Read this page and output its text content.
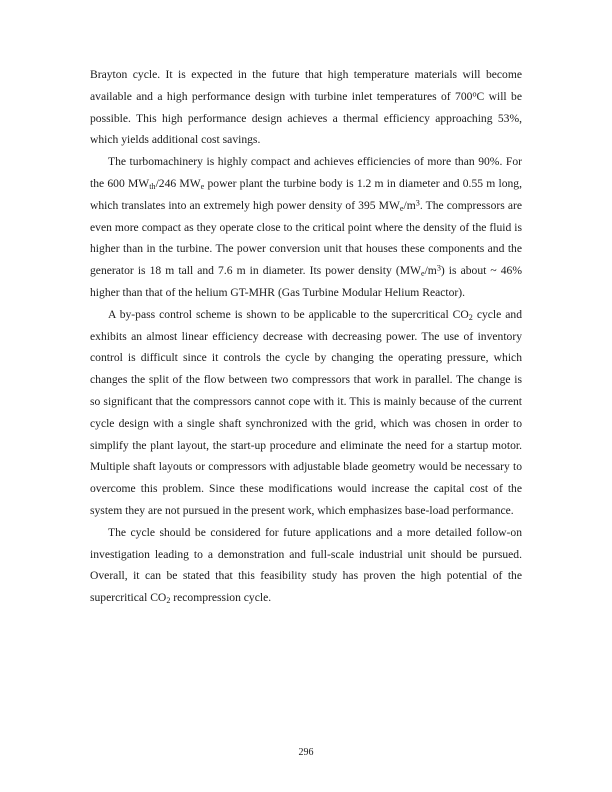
Brayton cycle. It is expected in the future that high temperature materials will become available and a high performance design with turbine inlet temperatures of 700$^o$C will be possible. This high performance design achieves a thermal efficiency approaching 53%, which yields additional cost savings.

The turbomachinery is highly compact and achieves efficiencies of more than 90%. For the 600 $MW_{th}/246$ $MW_e$ power plant the turbine body is 1.2 m in diameter and 0.55 m long, which translates into an extremely high power density of 395 $MW_e/m^3$. The compressors are even more compact as they operate close to the critical point where the density of the fluid is higher than in the turbine. The power conversion unit that houses these components and the generator is 18 m tall and 7.6 m in diameter. Its power density $(MW_e/m^3)$ is about ~ 46% higher than that of the helium GT-MHR (Gas Turbine Modular Helium Reactor).

A by-pass control scheme is shown to be applicable to the supercritical $CO_2$ cycle and exhibits an almost linear efficiency decrease with decreasing power. The use of inventory control is difficult since it controls the cycle by changing the operating pressure, which changes the split of the flow between two compressors that work in parallel. The change is so significant that the compressors cannot cope with it. This is mainly because of the current cycle design with a single shaft synchronized with the grid, which was chosen in order to simplify the plant layout, the start-up procedure and eliminate the need for a startup motor. Multiple shaft layouts or compressors with adjustable blade geometry would be necessary to overcome this problem. Since these modifications would increase the capital cost of the system they are not pursued in the present work, which emphasizes base-load performance.

The cycle should be considered for future applications and a more detailed follow-on investigation leading to a demonstration and full-scale industrial unit should be pursued. Overall, it can be stated that this feasibility study has proven the high potential of the supercritical $CO_2$ recompression cycle.

296
